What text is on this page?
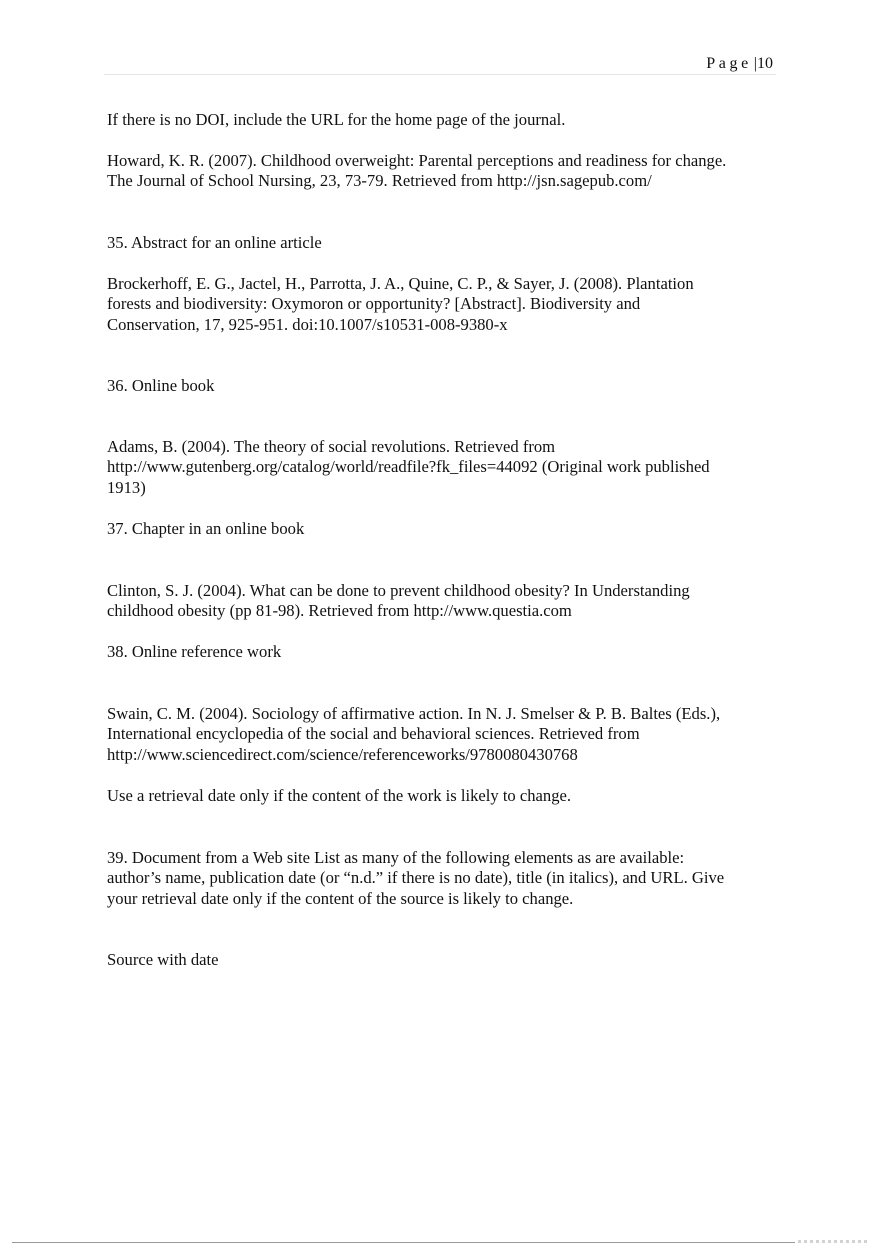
Page |10

If there is no DOI, include the URL for the home page of the journal.

Howard, K. R. (2007). Childhood overweight: Parental perceptions and readiness for change.
The Journal of School Nursing, 23, 73-79. Retrieved from http://jsn.sagepub.com/

35. Abstract for an online article

Brockerhoff, E. G., Jactel, H., Parrotta, J. A., Quine, C. P., & Sayer, J. (2008). Plantation
forests and biodiversity: Oxymoron or opportunity? [Abstract]. Biodiversity and
Conservation, 17, 925-951. doi:10.1007/s10531-008-9380-x

36. Online book

Adams, B. (2004). The theory of social revolutions. Retrieved from
http://www.gutenberg.org/catalog/world/readfile?fk_files=44092 (Original work published
1913)

37. Chapter in an online book

Clinton, S. J. (2004). What can be done to prevent childhood obesity? In Understanding
childhood obesity (pp 81-98). Retrieved from http://www.questia.com

38. Online reference work

Swain, C. M. (2004). Sociology of affirmative action. In N. J. Smelser & P. B. Baltes (Eds.),
International encyclopedia of the social and behavioral sciences. Retrieved from
http://www.sciencedirect.com/science/referenceworks/9780080430768

Use a retrieval date only if the content of the work is likely to change.

39. Document from a Web site List as many of the following elements as are available:
author’s name, publication date (or “n.d.” if there is no date), title (in italics), and URL. Give
your retrieval date only if the content of the source is likely to change.

Source with date
